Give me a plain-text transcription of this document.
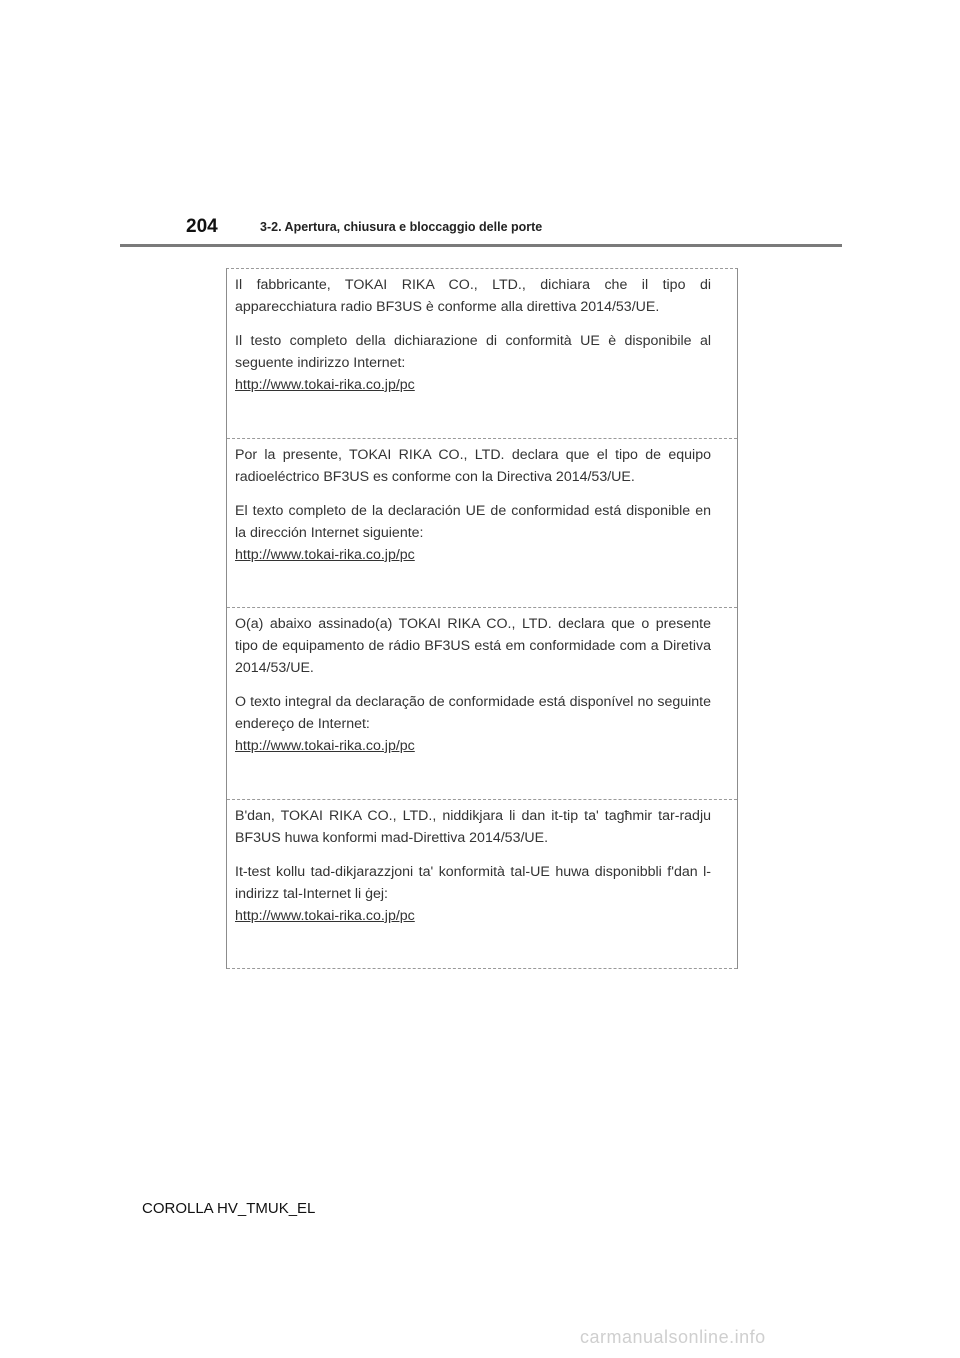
204	3-2. Apertura, chiusura e bloccaggio delle porte

Il fabbricante, TOKAI RIKA CO., LTD., dichiara che il tipo di apparecchiatura radio BF3US è conforme alla direttiva 2014/53/UE.

Il testo completo della dichiarazione di conformità UE è disponibile al seguente indirizzo Internet:

http://www.tokai-rika.co.jp/pc

Por la presente, TOKAI RIKA CO., LTD. declara que el tipo de equipo radioeléctrico BF3US es conforme con la Directiva 2014/53/UE.

El texto completo de la declaración UE de conformidad está disponible en la dirección Internet siguiente:

http://www.tokai-rika.co.jp/pc

O(a) abaixo assinado(a) TOKAI RIKA CO., LTD. declara que o presente tipo de equipamento de rádio BF3US está em conformidade com a Diretiva 2014/53/UE.

O texto integral da declaração de conformidade está disponível no seguinte endereço de Internet:

http://www.tokai-rika.co.jp/pc

B'dan, TOKAI RIKA CO., LTD., niddikjara li dan it-tip ta' tagħmir tar-radju BF3US huwa konformi mad-Direttiva 2014/53/UE.

It-test kollu tad-dikjarazzjoni ta' konformità tal-UE huwa disponibbli f'dan l-indirizz tal-Internet li ġej:

http://www.tokai-rika.co.jp/pc

COROLLA HV_TMUK_EL
carmanualsonline.info
